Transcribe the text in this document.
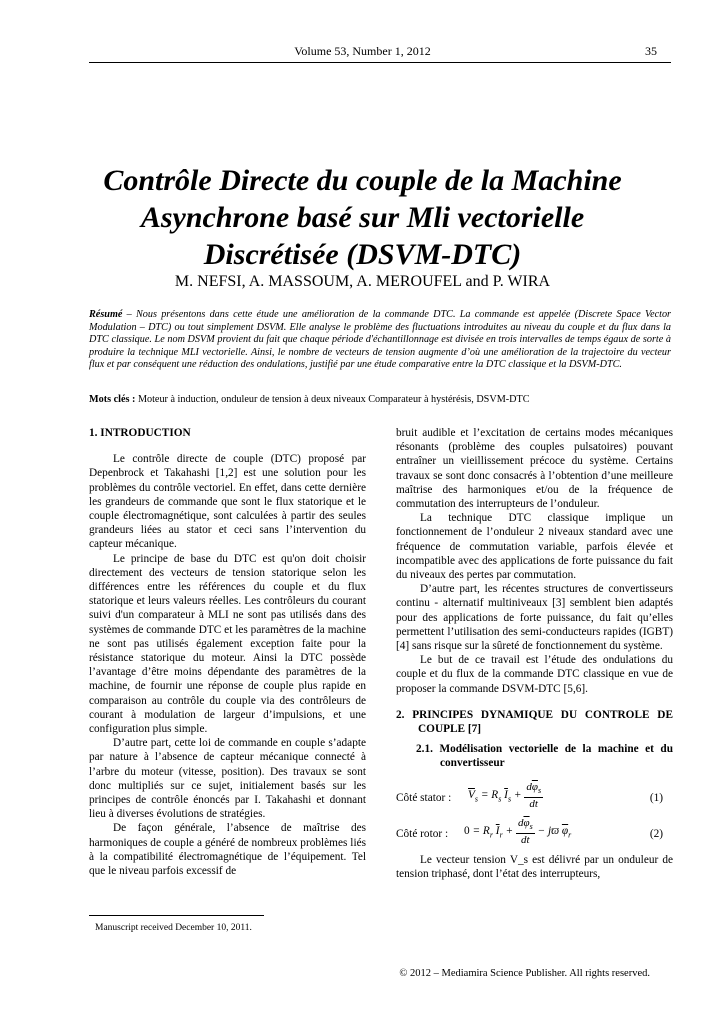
Volume 53, Number 1, 2012	35
Contrôle Directe du couple de la Machine
Asynchrone basé sur Mli vectorielle
Discrétisée (DSVM-DTC)
M. NEFSI, A. MASSOUM, A. MEROUFEL and P. WIRA
Résumé – Nous présentons dans cette étude une amélioration de la commande DTC. La commande est appelée (Discrete Space Vector Modulation – DTC) ou tout simplement DSVM. Elle analyse le problème des fluctuations introduites au niveau du couple et du flux dans la DTC classique. Le nom DSVM provient du fait que chaque période d'échantillonnage est divisée en trois intervalles de temps égaux de sorte à produire la technique MLI vectorielle. Ainsi, le nombre de vecteurs de tension augmente d’où une amélioration de la trajectoire du vecteur flux et par conséquent une réduction des ondulations, justifié par une étude comparative entre la DTC classique et la DSVM-DTC.
Mots clés : Moteur à induction, onduleur de tension à deux niveaux Comparateur à hystérésis, DSVM-DTC
1. INTRODUCTION

Le contrôle directe de couple (DTC) proposé par Depenbrock et Takahashi [1,2] est une solution pour les problèmes du contrôle vectoriel. En effet, dans cette dernière les grandeurs de commande que sont le flux statorique et le couple électromagnétique, sont calculées à partir des seules grandeurs liées au stator et ceci sans l’intervention du capteur mécanique.

Le principe de base du DTC est qu'on doit choisir directement des vecteurs de tension statorique selon les différences entre les références du couple et du flux statorique et leurs valeurs réelles. Les contrôleurs du courant suivi d'un comparateur à MLI ne sont pas utilisés dans des systèmes de commande DTC et les paramètres de la machine ne sont pas utilisés également exception faite pour la résistance statorique du moteur. Ainsi la DTC possède l’avantage d’être moins dépendante des paramètres de la machine, de fournir une réponse de couple plus rapide en comparaison au contrôle du couple via des contrôleurs de courant à modulation de largeur d’impulsions, et une configuration plus simple.

D’autre part, cette loi de commande en couple s’adapte par nature à l’absence de capteur mécanique connecté à l’arbre du moteur (vitesse, position). Des travaux se sont donc multipliés sur ce sujet, initialement basés sur les principes de contrôle énoncés par I. Takahashi et donnant lieu à diverses évolutions de stratégies.

De façon générale, l’absence de maîtrise des harmoniques de couple a généré de nombreux problèmes liés à la compatibilité électromagnétique de l’équipement. Tel que le niveau parfois excessif de

bruit audible et l’excitation de certains modes mécaniques résonants (problème des couples pulsatoires) pouvant entraîner un vieillissement précoce du système. Certains travaux se sont donc consacrés à l’obtention d’une meilleure maîtrise des harmoniques et/ou de la fréquence de commutation des interrupteurs de l’onduleur.

La technique DTC classique implique un fonctionnement de l’onduleur 2 niveaux standard avec une fréquence de commutation variable, parfois élevée et incompatible avec des applications de forte puissance du fait du niveaux des pertes par commutation.

D’autre part, les récentes structures de convertisseurs continu - alternatif multiniveaux [3] semblent bien adaptés pour des applications de forte puissance, du fait qu’elles permettent l’utilisation des semi-conducteurs rapides (IGBT) [4] sans risque sur la sûreté de fonctionnement du système.

Le but de ce travail est l’étude des ondulations du couple et du flux de la commande DTC classique en vue de proposer la commande DSVM-DTC [5,6].

2. PRINCIPES DYNAMIQUE DU CONTROLE DE COUPLE [7]
2.1. Modélisation vectorielle de la machine et du convertisseur
Côté stator : $\overline{V}_s = R_s$ $\overline{I}_s + \frac{d\overline{\varphi}_s}{dt}$	(1)
Côté rotor : $0 = R_r$ $\overline{I}_r + \frac{d\overline{\varphi}_s}{dt} - jϖ$ $\overline{\varphi}_r$	(2)

Le vecteur tension V_s est délivré par un onduleur de tension triphasé, dont l’état des interrupteurs,

Manuscript received December 10, 2011.
© 2012 – Mediamira Science Publisher. All rights reserved.
